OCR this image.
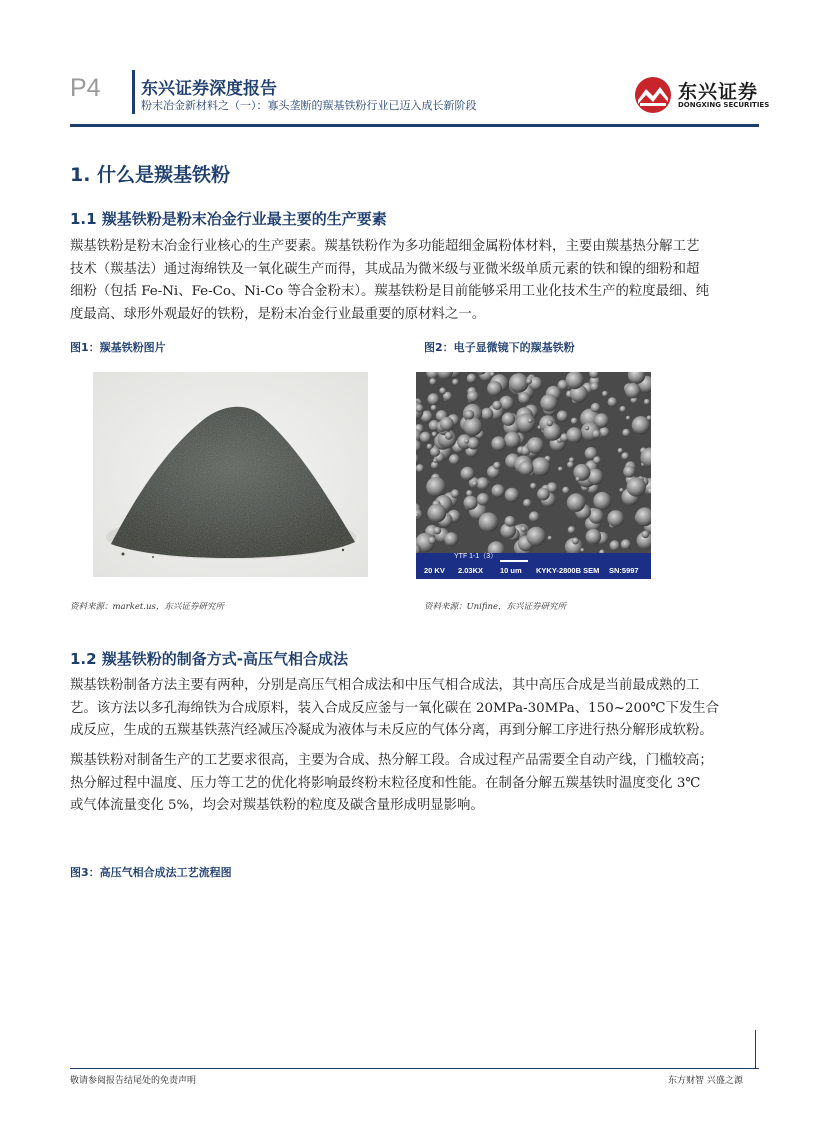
P4 东兴证券深度报告
粉末冶金新材料之（一）：寡头垄断的羰基铁粉行业已迈入成长新阶段
东兴证券
DONGXING SECURITIES
1. 什么是羰基铁粉
1.1 羰基铁粉是粉末冶金行业最主要的生产要素
羰基铁粉是粉末冶金行业核心的生产要素。羰基铁粉作为多功能超细金属粉体材料，主要由羰基热分解工艺
技术（羰基法）通过海绵铁及一氧化碳生产而得，其成品为微米级与亚微米级单质元素的铁和镍的细粉和超
细粉（包括 Fe-Ni、Fe-Co、Ni-Co 等合金粉末）。羰基铁粉是目前能够采用工业化技术生产的粒度最细、纯
度最高、球形外观最好的铁粉，是粉末冶金行业最重要的原材料之一。
图1：羰基铁粉图片
资料来源：market.us，东兴证券研究所
图2：电子显微镜下的羰基铁粉
YTF 1-1（3）
20 KV 2.03KX 10 um KYKY-2800B SEM SN:5997
资料来源：Unifine，东兴证券研究所
1.2 羰基铁粉的制备方式-高压气相合成法
羰基铁粉制备方法主要有两种，分别是高压气相合成法和中压气相合成法，其中高压合成是当前最成熟的工
艺。该方法以多孔海绵铁为合成原料，装入合成反应釜与一氧化碳在 20MPa-30MPa、150~200℃下发生合
成反应，生成的五羰基铁蒸汽经减压冷凝成为液体与未反应的气体分离，再到分解工序进行热分解形成软粉。
羰基铁粉对制备生产的工艺要求很高，主要为合成、热分解工段。合成过程产品需要全自动产线，门槛较高；
热分解过程中温度、压力等工艺的优化将影响最终粉末粒径度和性能。在制备分解五羰基铁时温度变化 3℃
或气体流量变化 5%，均会对羰基铁粉的粒度及碳含量形成明显影响。
图3：高压气相合成法工艺流程图
敬请参阅报告结尾处的免责声明	东方财智 兴盛之源
